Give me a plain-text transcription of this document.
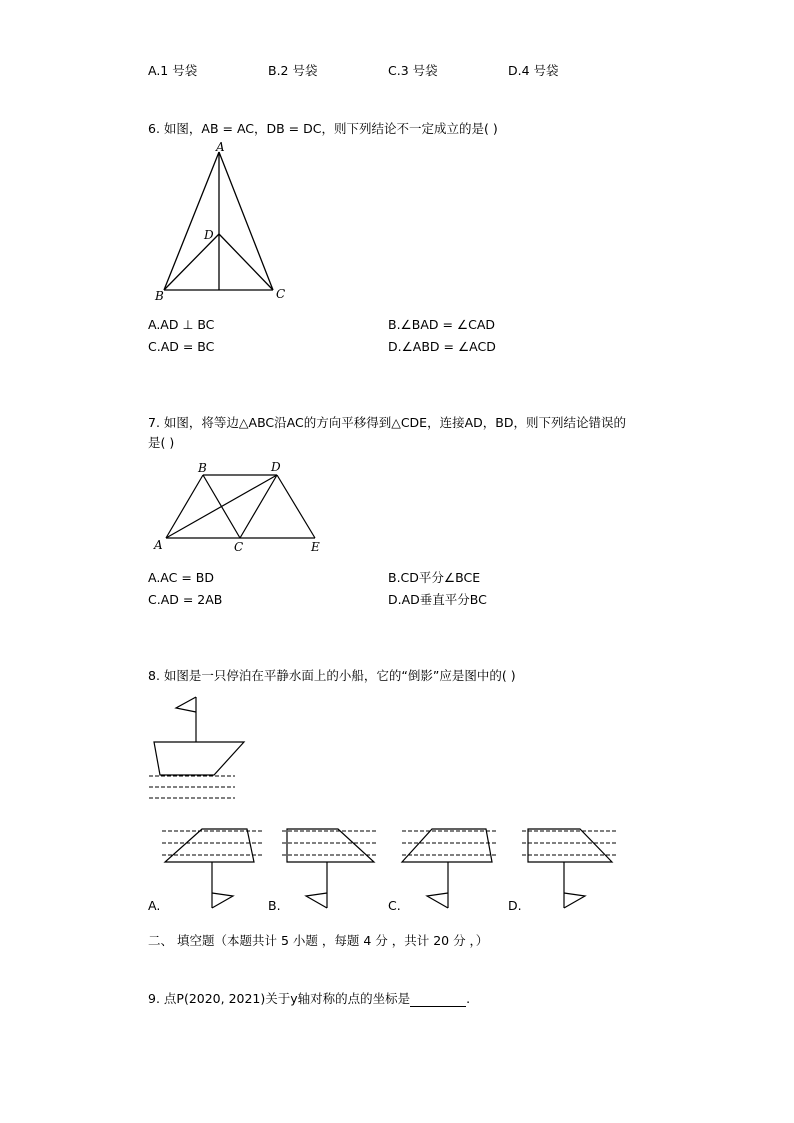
A.1 号袋	B.2 号袋	C.3 号袋	D.4 号袋
6. 如图，AB = AC，DB = DC，则下列结论不一定成立的是( )
A
D
B	C
A.AD ⊥ BC	B.∠BAD = ∠CAD
C.AD = BC	D.∠ABD = ∠ACD
7. 如图，将等边△ABC沿AC的方向平移得到△CDE，连接AD，BD，则下列结论错误的
是( )
B	D
A	C	E
A.AC = BD	B.CD平分∠BCE
C.AD = 2AB	D.AD垂直平分BC
8. 如图是一只停泊在平静水面上的小船，它的“倒影”应是图中的( )
A.	B.	C.	D.
二、 填空题（本题共计 5 小题 ，每题 4 分 ，共计 20 分 ，）
9. 点P(2020, 2021)关于y轴对称的点的坐标是	.
